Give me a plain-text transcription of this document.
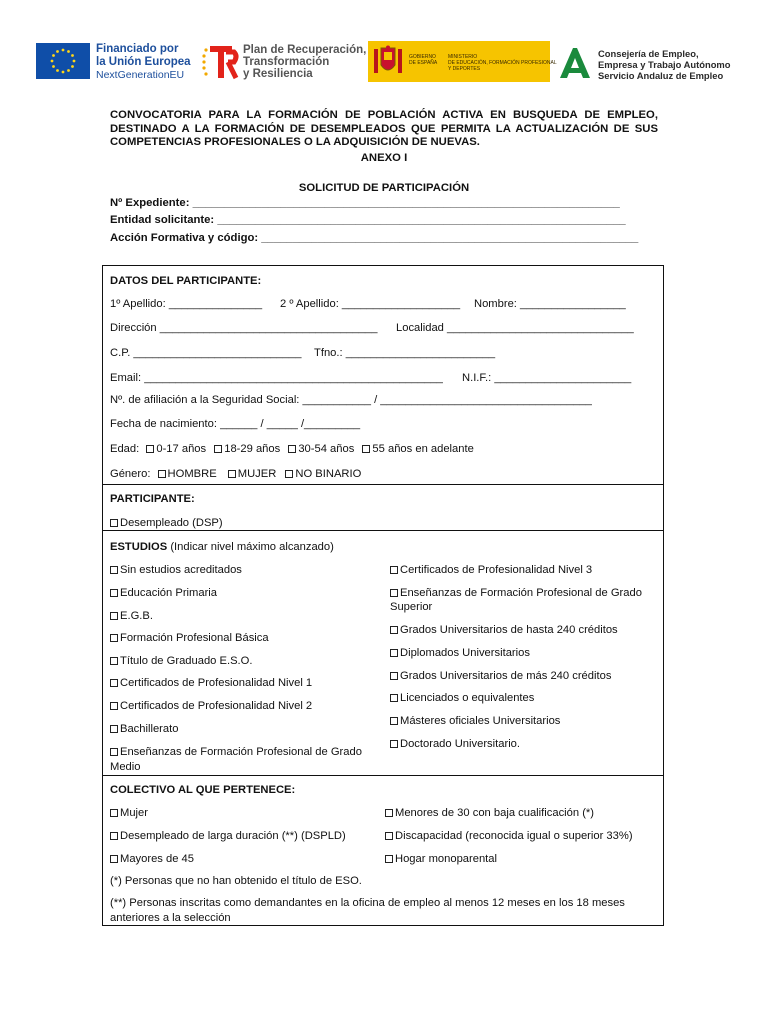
Financiado por
la Unión Europea
NextGenerationEU
Plan de Recuperación,
Transformación
y Resiliencia
GOBIERNO
DE ESPAÑA
MINISTERIO
DE EDUCACIÓN, FORMACIÓN PROFESIONAL
Y DEPORTES
Consejería de Empleo,
Empresa y Trabajo Autónomo
Servicio Andaluz de Empleo
CONVOCATORIA PARA LA FORMACIÓN DE POBLACIÓN ACTIVA EN BUSQUEDA DE EMPLEO, DESTINADO A LA FORMACIÓN DE DESEMPLEADOS QUE PERMITA LA ACTUALIZACIÓN DE SUS COMPETENCIAS PROFESIONALES O LA ADQUISICIÓN DE NUEVAS.
ANEXO I
SOLICITUD DE PARTICIPACIÓN
Nº Expediente: ____________________________________________________________________
Entidad solicitante: _________________________________________________________________
Acción Formativa y código: ____________________________________________________________
DATOS DEL PARTICIPANTE:
1º Apellido: _______________ 2 º Apellido: ___________________ Nombre: _________________
Dirección ___________________________________ Localidad ______________________________
C.P. ___________________________ Tfno.: ________________________
Email: ________________________________________________ N.I.F.: ______________________
Nº. de afiliación a la Seguridad Social: ___________ / __________________________________
Fecha de nacimiento: ______ / _____ /_________
Edad: 0-17 años 18-29 años 30-54 años 55 años en adelante
Género: HOMBRE MUJER NO BINARIO
PARTICIPANTE:
Desempleado (DSP)
ESTUDIOS (Indicar nivel máximo alcanzado)
Sin estudios acreditados
Educación Primaria
E.G.B.
Formación Profesional Básica
Título de Graduado E.S.O.
Certificados de Profesionalidad Nivel 1
Certificados de Profesionalidad Nivel 2
Bachillerato
Enseñanzas de Formación Profesional de Grado
Medio
Certificados de Profesionalidad Nivel 3
Enseñanzas de Formación Profesional de Grado
Superior
Grados Universitarios de hasta 240 créditos
Diplomados Universitarios
Grados Universitarios de más 240 créditos
Licenciados o equivalentes
Másteres oficiales Universitarios
Doctorado Universitario.
COLECTIVO AL QUE PERTENECE:
Mujer
Desempleado de larga duración (**) (DSPLD)
Mayores de 45
Menores de 30 con baja cualificación (*)
Discapacidad (reconocida igual o superior 33%)
Hogar monoparental
(*) Personas que no han obtenido el título de ESO.
(**) Personas inscritas como demandantes en la oficina de empleo al menos 12 meses en los 18 meses
anteriores a la selección
